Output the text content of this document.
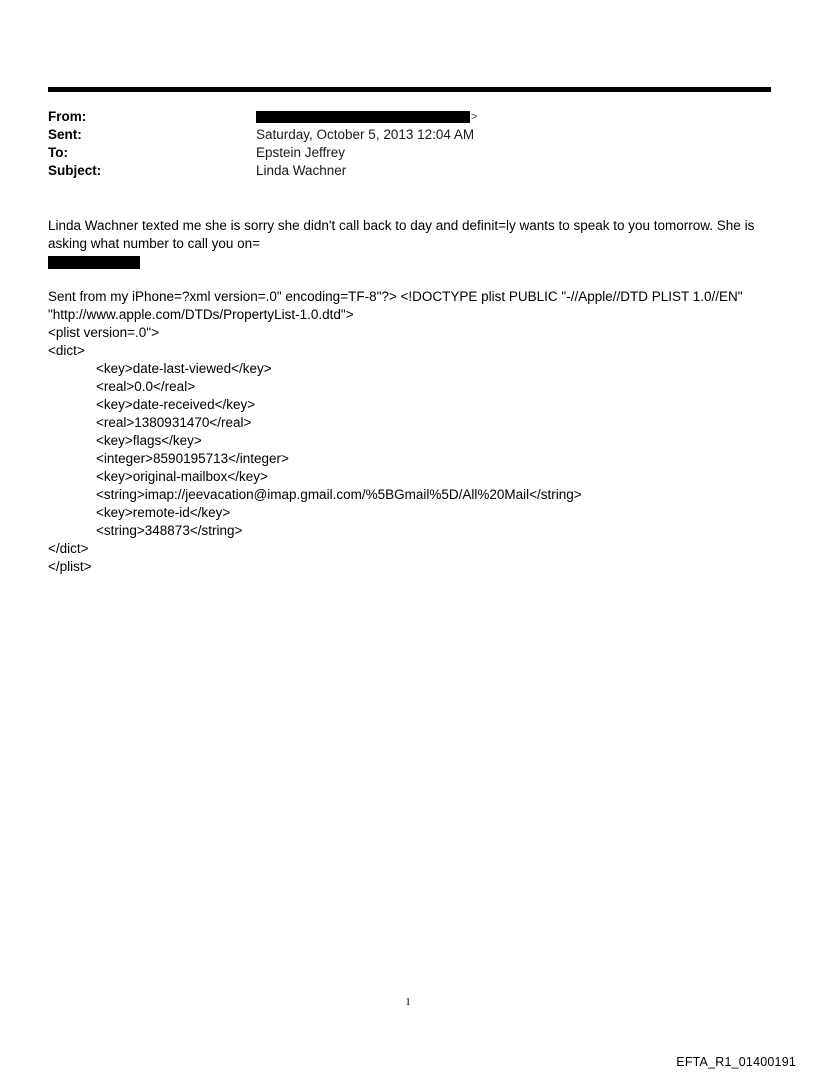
From:	>
Sent:	Saturday, October 5, 2013 12:04 AM
To:	Epstein Jeffrey
Subject:	Linda Wachner

Linda Wachner texted me she is sorry she didn't call back to day and definit=ly wants to speak to you tomorrow. She is

asking what number to call you on=

Sent from my iPhone=?xml version=.0" encoding=TF-8"?> <!DOCTYPE plist PUBLIC "-//Apple//DTD PLIST 1.0//EN"
"http://www.apple.com/DTDs/PropertyList-1.0.dtd">
<plist version=.0">
<dict>
<key>date-last-viewed</key>
<real>0.0</real>
<key>date-received</key>
<real>1380931470</real>
<key>flags</key>
<integer>8590195713</integer>
<key>original-mailbox</key>
<string>imap://jeevacation@imap.gmail.com/%5BGmail%5D/All%20Mail</string>
<key>remote-id</key>
<string>348873</string>
</dict>
</plist>
1
EFTA_R1_01400191
